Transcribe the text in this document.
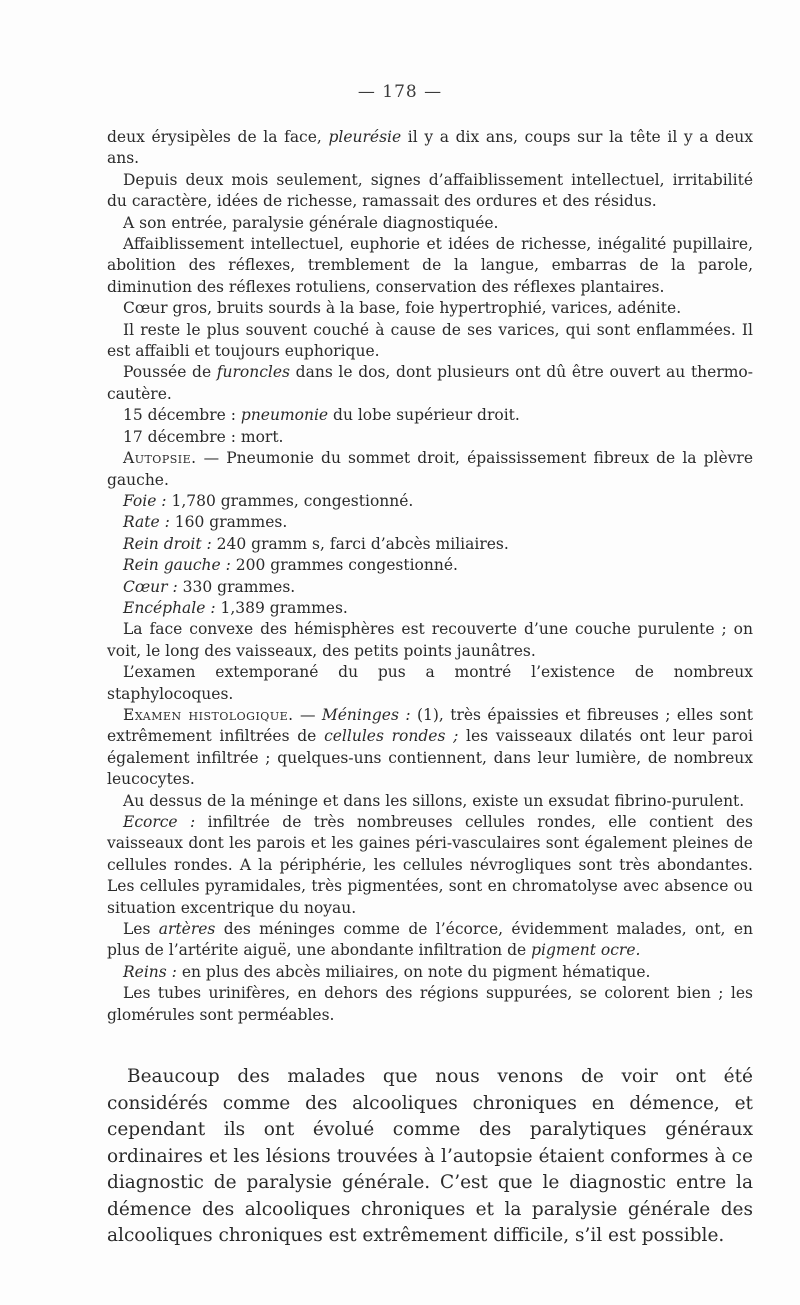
— 178 —

deux érysipèles de la face, pleurésie il y a dix ans, coups sur la tête il y a deux ans.

Depuis deux mois seulement, signes d’affaiblissement intellectuel, irritabilité du caractère, idées de richesse, ramassait des ordures et des résidus.

A son entrée, paralysie générale diagnostiquée.

Affaiblissement intellectuel, euphorie et idées de richesse, inégalité pupillaire, abolition des réflexes, tremblement de la langue, embarras de la parole, diminution des réflexes rotuliens, conservation des réflexes plantaires.

Cœur gros, bruits sourds à la base, foie hypertrophié, varices, adénite.

Il reste le plus souvent couché à cause de ses varices, qui sont enflammées. Il est affaibli et toujours euphorique.

Poussée de furoncles dans le dos, dont plusieurs ont dû être ouvert au thermo-cautère.

15 décembre : pneumonie du lobe supérieur droit.

17 décembre : mort.

Autopsie. — Pneumonie du sommet droit, épaississement fibreux de la plèvre gauche.

Foie : 1,780 grammes, congestionné.

Rate : 160 grammes.

Rein droit : 240 gramm s, farci d’abcès miliaires.

Rein gauche : 200 grammes congestionné.

Cœur : 330 grammes.

Encéphale : 1,389 grammes.

La face convexe des hémisphères est recouverte d’une couche purulente ; on voit, le long des vaisseaux, des petits points jaunâtres.

L’examen extemporané du pus a montré l’existence de nombreux staphylocoques.

Examen histologique. — Méninges : (1), très épaissies et fibreuses ; elles sont extrêmement infiltrées de cellules rondes ; les vaisseaux dilatés ont leur paroi également infiltrée ; quelques-uns contiennent, dans leur lumière, de nombreux leucocytes.

Au dessus de la méninge et dans les sillons, existe un exsudat fibrino-purulent.

Ecorce : infiltrée de très nombreuses cellules rondes, elle contient des vaisseaux dont les parois et les gaines péri-vasculaires sont également pleines de cellules rondes. A la périphérie, les cellules névrogliques sont très abondantes. Les cellules pyramidales, très pigmentées, sont en chromatolyse avec absence ou situation excentrique du noyau.

Les artères des méninges comme de l’écorce, évidemment malades, ont, en plus de l’artérite aiguë, une abondante infiltration de pigment ocre.

Reins : en plus des abcès miliaires, on note du pigment hématique.

Les tubes urinifères, en dehors des régions suppurées, se colorent bien ; les glomérules sont perméables.

Beaucoup des malades que nous venons de voir ont été considérés comme des alcooliques chroniques en démence, et cependant ils ont évolué comme des paralytiques généraux ordinaires et les lésions trouvées à l’autopsie étaient conformes à ce diagnostic de paralysie générale. C’est que le diagnostic entre la démence des alcooliques chroniques et la paralysie générale des alcooliques chroniques est extrêmement difficile, s’il est possible.
